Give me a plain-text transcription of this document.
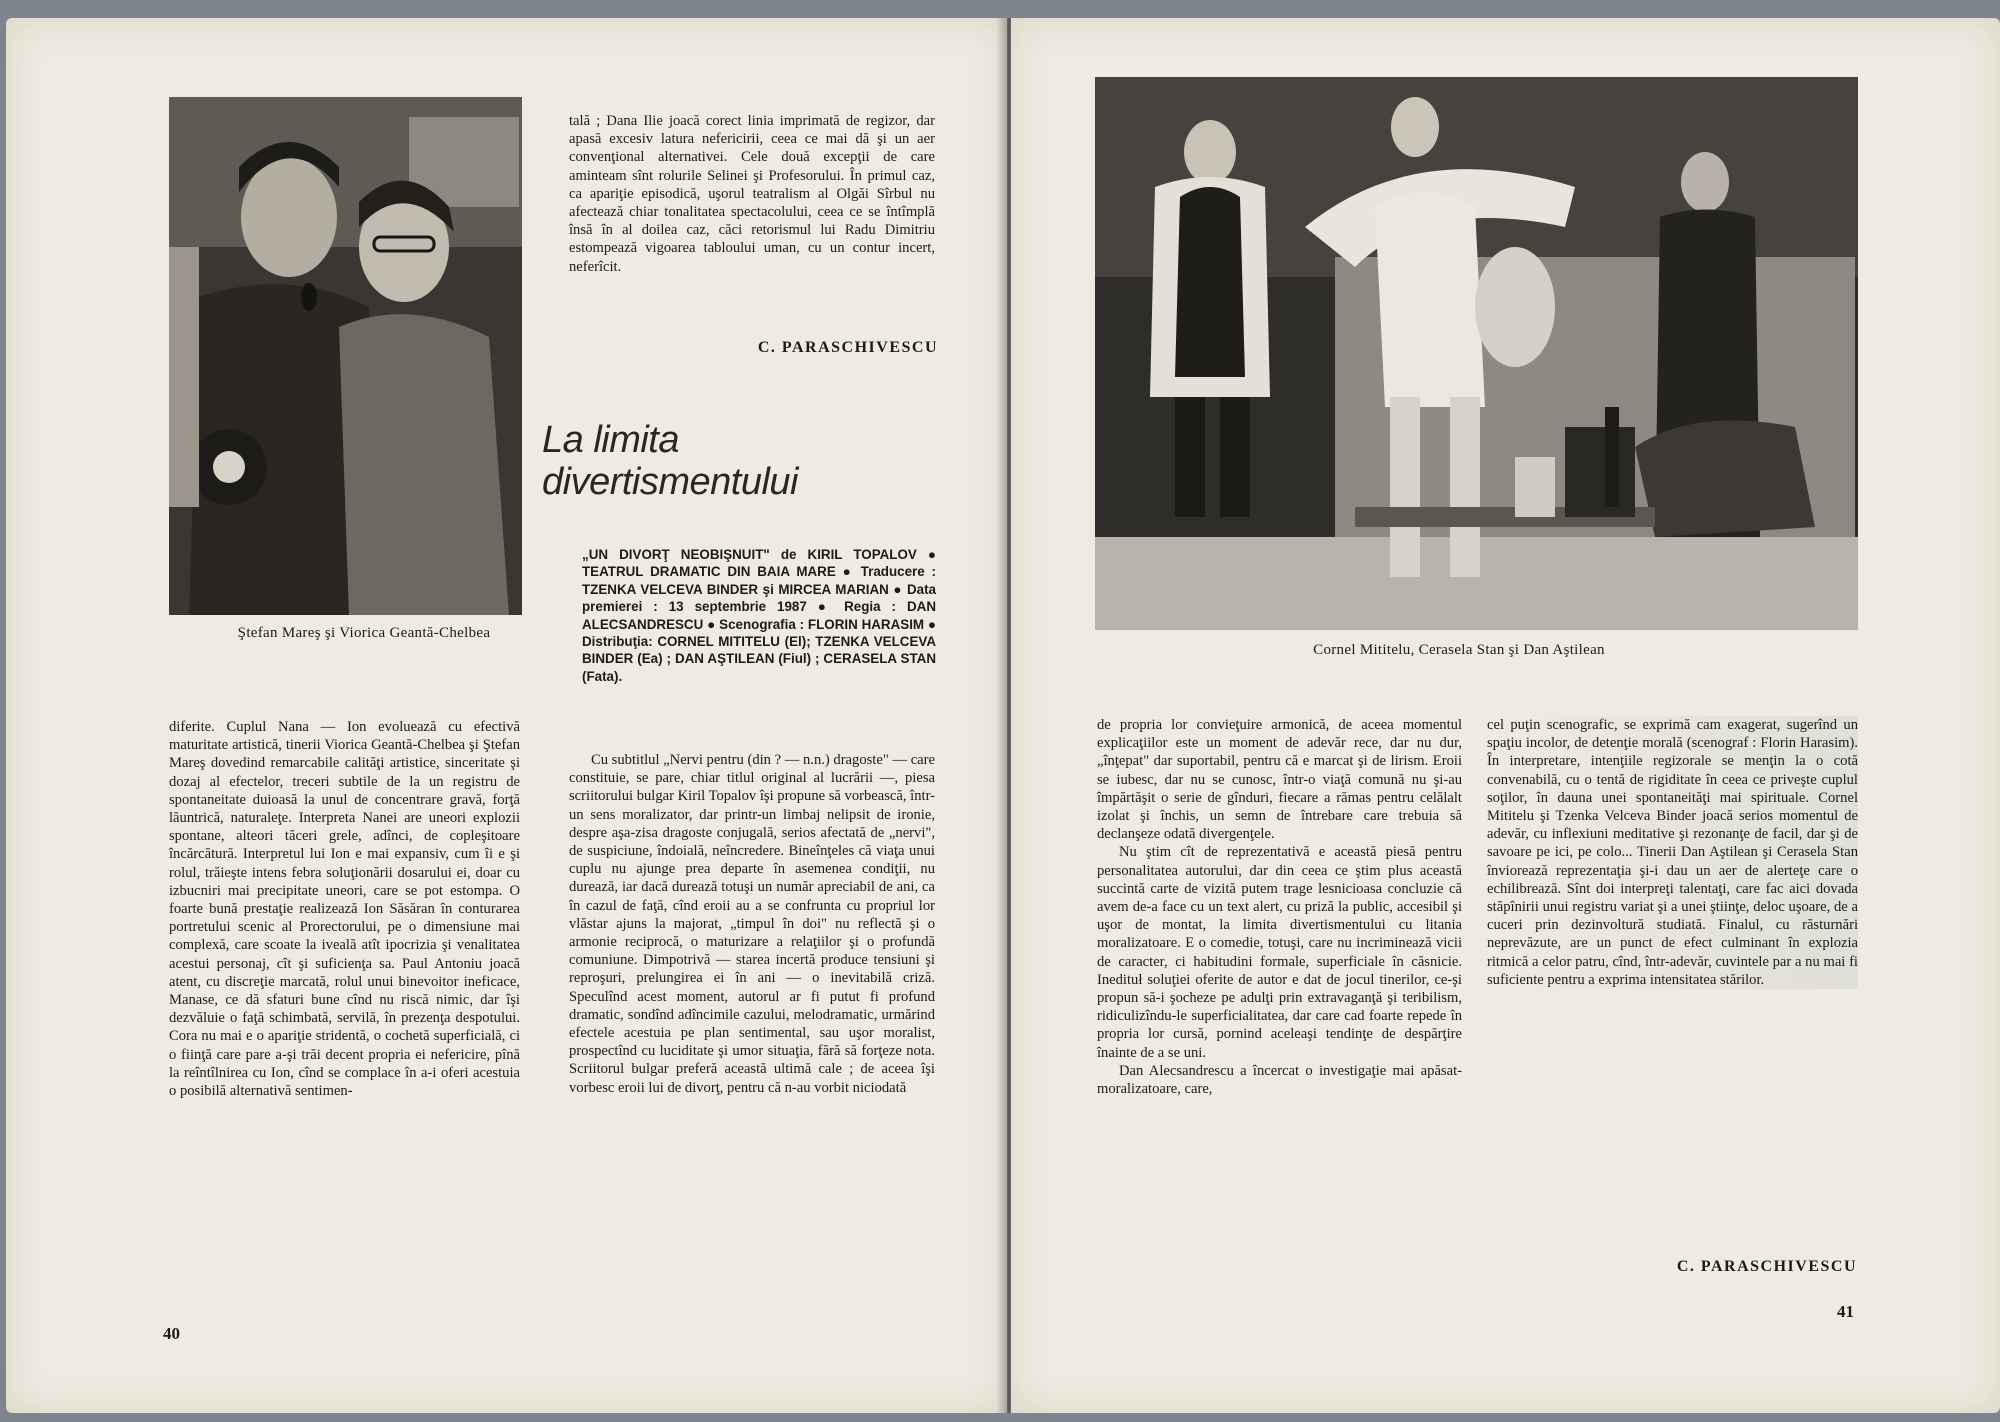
Ştefan Mareş şi Viorica Geantă-Chelbea

diferite. Cuplul Nana — Ion evoluează cu efectivă maturitate artistică, tinerii Viorica Geantă-Chelbea şi Ştefan Mareş dovedind remarcabile calităţi artistice, sinceritate şi dozaj al efectelor, treceri subtile de la un registru de spontaneitate duioasă la unul de concentrare gravă, forţă lăuntrică, naturaleţe. Interpreta Nanei are uneori explozii spontane, alteori tăceri grele, adînci, de copleşitoare încărcătură. Interpretul lui Ion e mai expansiv, cum îi e şi rolul, trăieşte intens febra soluţionării dosarului ei, doar cu izbucniri mai precipitate uneori, care se pot estompa. O foarte bună prestaţie realizează Ion Săsăran în conturarea portretului scenic al Prorectorului, pe o dimensiune mai complexă, care scoate la iveală atît ipocrizia şi venalitatea acestui personaj, cît şi suficienţa sa. Paul Antoniu joacă atent, cu discreţie marcată, rolul unui binevoitor ineficace, Manase, ce dă sfaturi bune cînd nu riscă nimic, dar îşi dezvăluie o faţă schimbată, servilă, în prezenţa despotului. Cora nu mai e o apariţie stridentă, o cochetă superficială, ci o fiinţă care pare a-şi trăi decent propria ei nefericire, pînă la reîntîlnirea cu Ion, cînd se complace în a-i oferi acestuia o posibilă alternativă sentimen-

tală ; Dana Ilie joacă corect linia imprimată de regizor, dar apasă excesiv latura nefericirii, ceea ce mai dă şi un aer convenţional alternativei. Cele două excepţii de care aminteam sînt rolurile Selinei şi Profesorului. În primul caz, ca apariţie episodică, uşorul teatralism al Olgăi Sîrbul nu afectează chiar tonalitatea spectacolului, ceea ce se întîmplă însă în al doilea caz, căci retorismul lui Radu Dimitriu estompează vigoarea tabloului uman, cu un contur incert, neferîcit.

C. PARASCHIVESCU
La limita
divertismentului

„UN DIVORŢ NEOBIŞNUIT" de KIRIL TOPALOV ● TEATRUL DRAMATIC DIN BAIA MARE ● Traducere : TZENKA VELCEVA BINDER şi MIRCEA MARIAN ● Data premierei : 13 septembrie 1987 ● Regia : DAN ALECSANDRESCU ● Scenografia : FLORIN HARASIM ● Distribuţia: CORNEL MITITELU (El); TZENKA VELCEVA BINDER (Ea) ; DAN AŞTILEAN (Fiul) ; CERASELA STAN (Fata).

Cu subtitlul „Nervi pentru (din ? — n.n.) dragoste" — care constituie, se pare, chiar titlul original al lucrării —, piesa scriitorului bulgar Kiril Topalov îşi propune să vorbească, într-un sens moralizator, dar printr-un limbaj nelipsit de ironie, despre aşa-zisa dragoste conjugală, serios afectată de „nervi", de suspiciune, îndoială, neîncredere. Bineînţeles că viaţa unui cuplu nu ajunge prea departe în asemenea condiţii, nu durează, iar dacă durează totuşi un număr apreciabil de ani, ca în cazul de faţă, cînd eroii au a se confrunta cu propriul lor vlăstar ajuns la majorat, „timpul în doi" nu reflectă şi o armonie reciprocă, o maturizare a relaţiilor şi o profundă comuniune. Dimpotrivă — starea incertă produce tensiuni şi reproşuri, prelungirea ei în ani — o inevitabilă criză. Speculînd acest moment, autorul ar fi putut fi profund dramatic, sondînd adîncimile cazului, melodramatic, urmărind efectele acestuia pe plan sentimental, sau uşor moralist, prospectînd cu luciditate şi umor situaţia, fără să forţeze nota. Scriitorul bulgar preferă această ultimă cale ; de aceea îşi vorbesc eroii lui de divorţ, pentru că n-au vorbit niciodată

40
Cornel Mititelu, Cerasela Stan şi Dan Aştilean

de propria lor convieţuire armonică, de aceea momentul explicaţiilor este un moment de adevăr rece, dar nu dur, „înţepat" dar suportabil, pentru că e marcat şi de lirism. Eroii se iubesc, dar nu se cunosc, într-o viaţă comună nu şi-au împărtăşit o serie de gînduri, fiecare a rămas pentru celălalt izolat şi închis, un semn de întrebare care trebuia să declanşeze odată divergenţele.

Nu ştim cît de reprezentativă e această piesă pentru personalitatea autorului, dar din ceea ce ştim plus această succintă carte de vizită putem trage lesnicioasa concluzie că avem de-a face cu un text alert, cu priză la public, accesibil şi uşor de montat, la limita divertismentului cu litania moralizatoare. E o comedie, totuşi, care nu incriminează vicii de caracter, ci habitudini formale, superficiale în căsnicie. Inedituł soluţiei oferite de autor e dat de jocul tinerilor, ce-şi propun să-i şocheze pe adulţi prin extravaganţă şi teribilism, ridiculizîndu-le superficialitatea, dar care cad foarte repede în propria lor cursă, pornind aceleaşi tendinţe de despărţire înainte de a se uni.

Dan Alecsandrescu a încercat o investigaţie mai apăsat-moralizatoare, care,

cel puţin scenografic, se exprimă cam exagerat, sugerînd un spaţiu incolor, de detenţie morală (scenograf : Florin Harasim). În interpretare, intenţiile regizorale se menţin la o cotă convenabilă, cu o tentă de rigiditate în ceea ce priveşte cuplul soţilor, în dauna unei spontaneităţi mai spirituale. Cornel Mititelu şi Tzenka Velceva Binder joacă serios momentul de adevăr, cu inflexiuni meditative şi rezonanţe de facil, dar şi de savoare pe ici, pe colo... Tinerii Dan Aştilean şi Cerasela Stan înviorează reprezentaţia şi-i dau un aer de alerteţe care o echilibrează. Sînt doi interpreţi talentaţi, care fac aici dovada stăpînirii unui registru variat şi a unei ştiinţe, deloc uşoare, de a cuceri prin dezinvoltură studiată. Finalul, cu răsturnări neprevăzute, are un punct de efect culminant în explozia ritmică a celor patru, cînd, într-adevăr, cuvintele par a nu mai fi suficiente pentru a exprima intensitatea stărilor.

C. PARASCHIVESCU
41
